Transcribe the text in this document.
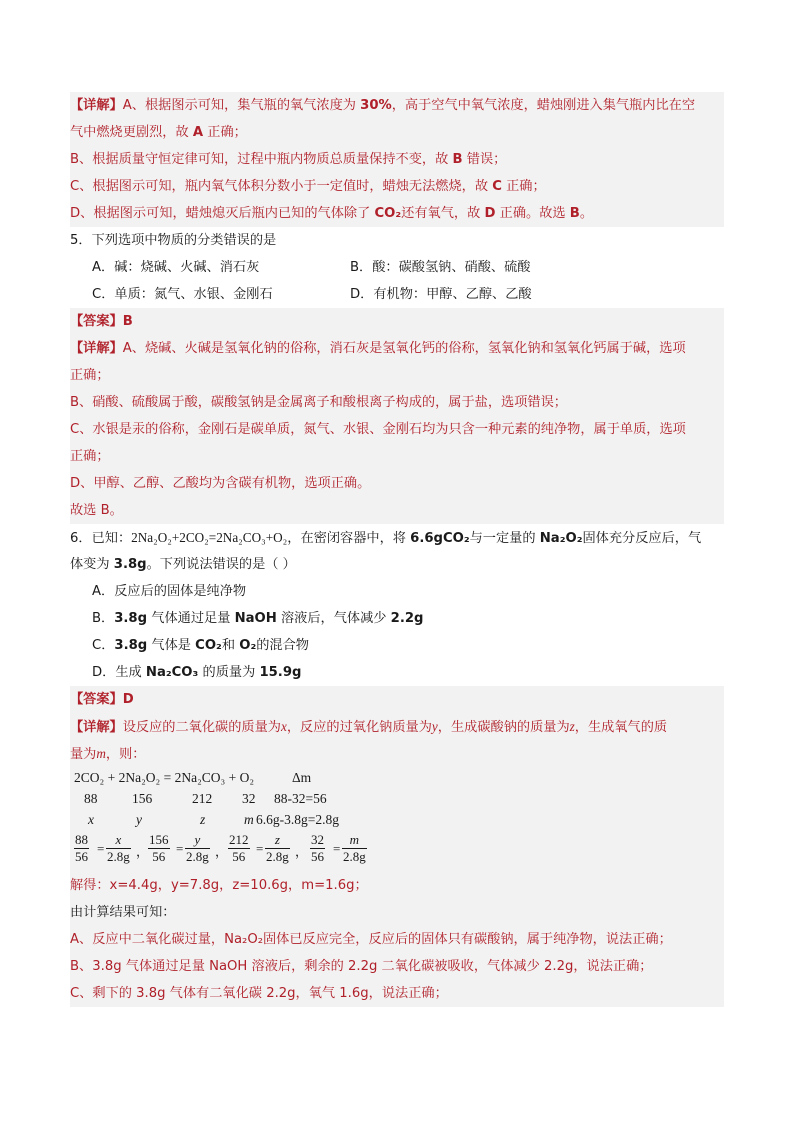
【详解】A、根据图示可知，集气瓶的氧气浓度为 30%，高于空气中氧气浓度，蜡烛刚进入集气瓶内比在空
气中燃烧更剧烈，故 A 正确；
B、根据质量守恒定律可知，过程中瓶内物质总质量保持不变，故 B 错误；
C、根据图示可知，瓶内氧气体积分数小于一定值时，蜡烛无法燃烧，故 C 正确；
D、根据图示可知，蜡烛熄灭后瓶内已知的气体除了 CO₂还有氧气，故 D 正确。故选 B。
5．下列选项中物质的分类错误的是
A．碱：烧碱、火碱、消石灰	B．酸：碳酸氢钠、硝酸、硫酸
C．单质：氮气、水银、金刚石	D．有机物：甲醇、乙醇、乙酸
【答案】B
【详解】A、烧碱、火碱是氢氧化钠的俗称，消石灰是氢氧化钙的俗称，氢氧化钠和氢氧化钙属于碱，选项
正确；
B、硝酸、硫酸属于酸，碳酸氢钠是金属离子和酸根离子构成的，属于盐，选项错误；
C、水银是汞的俗称，金刚石是碳单质，氮气、水银、金刚石均为只含一种元素的纯净物，属于单质，选项
正确；
D、甲醇、乙醇、乙酸均为含碳有机物，选项正确。
故选 B。
6．已知：2Na₂O₂+2CO₂=2Na₂CO₃+O₂，在密闭容器中，将 6.6gCO₂与一定量的 Na₂O₂固体充分反应后，气
体变为 3.8g。下列说法错误的是（ ）
A．反应后的固体是纯净物
B．3.8g 气体通过足量 NaOH 溶液后，气体减少 2.2g
C．3.8g 气体是 CO₂和 O₂的混合物
D．生成 Na₂CO₃ 的质量为 15.9g
【答案】D
【详解】设反应的二氧化碳的质量为x，反应的过氧化钠质量为y，生成碳酸钠的质量为z，生成氧气的质
量为m，则：
2CO₂ + 2Na₂O₂ = 2Na₂CO₃ + O₂	Δm
88	156	212 32 88-32=56
x	y	z	m 6.6g-3.8g=2.8g
$\frac{88}{56} = \frac{x}{2.8g}$ ，
$\frac{156}{56} = \frac{y}{2.8g}$ ， $\frac{212}{56} = \frac{z}{2.8g}$ ， $\frac{32}{56} = \frac{m}{2.8g}$
解得：x=4.4g，y=7.8g，z=10.6g，m=1.6g；
由计算结果可知：
A、反应中二氧化碳过量，Na₂O₂固体已反应完全，反应后的固体只有碳酸钠，属于纯净物，说法正确；
B、3.8g 气体通过足量 NaOH 溶液后，剩余的 2.2g 二氧化碳被吸收，气体减少 2.2g，说法正确；
C、剩下的 3.8g 气体有二氧化碳 2.2g，氧气 1.6g，说法正确；
